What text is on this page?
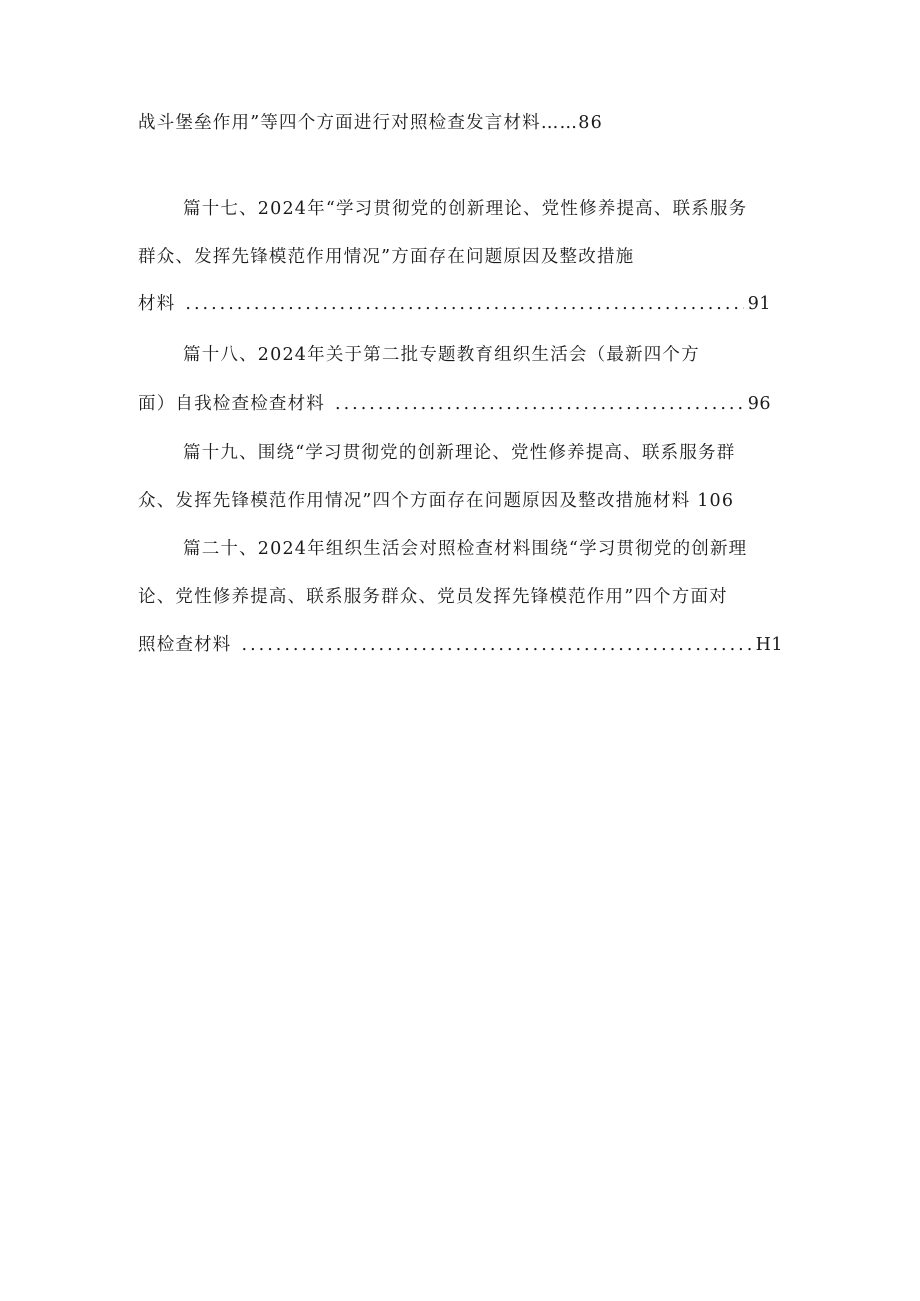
战斗堡垒作用”等四个方面进行对照检查发言材料……86
篇十七、2024年“学习贯彻党的创新理论、党性修养提高、联系服务
群众、发挥先锋模范作用情况”方面存在问题原因及整改措施
材料 .....	91
篇十八、2024年关于第二批专题教育组织生活会（最新四个方
面）自我检查检查材料 .....	96
篇十九、围绕“学习贯彻党的创新理论、党性修养提高、联系服务群
众、发挥先锋模范作用情况”四个方面存在问题原因及整改措施材料 106
篇二十、2024年组织生活会对照检查材料围绕“学习贯彻党的创新理
论、党性修养提高、联系服务群众、党员发挥先锋模范作用”四个方面对
照检查材料 .....	H1
